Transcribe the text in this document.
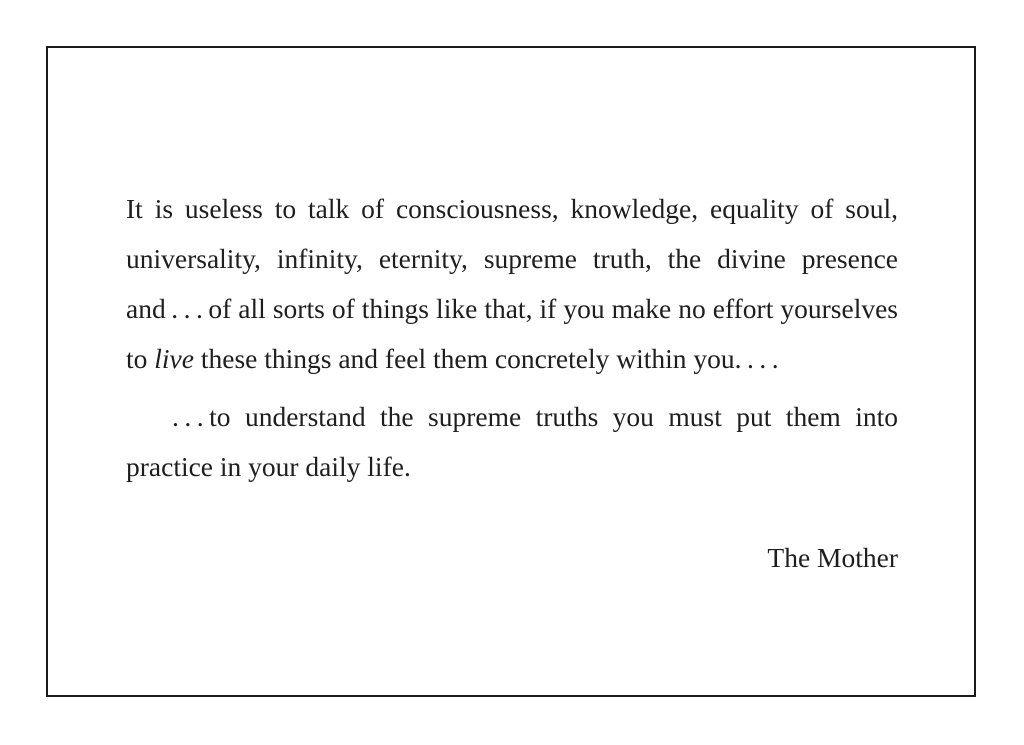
It is useless to talk of consciousness, knowledge, equality of soul, universality, infinity, eternity, supreme truth, the divine presence and . . . of all sorts of things like that, if you make no effort yourselves to live these things and feel them concretely within you. . . .

. . . to understand the supreme truths you must put them into practice in your daily life.

The Mother
